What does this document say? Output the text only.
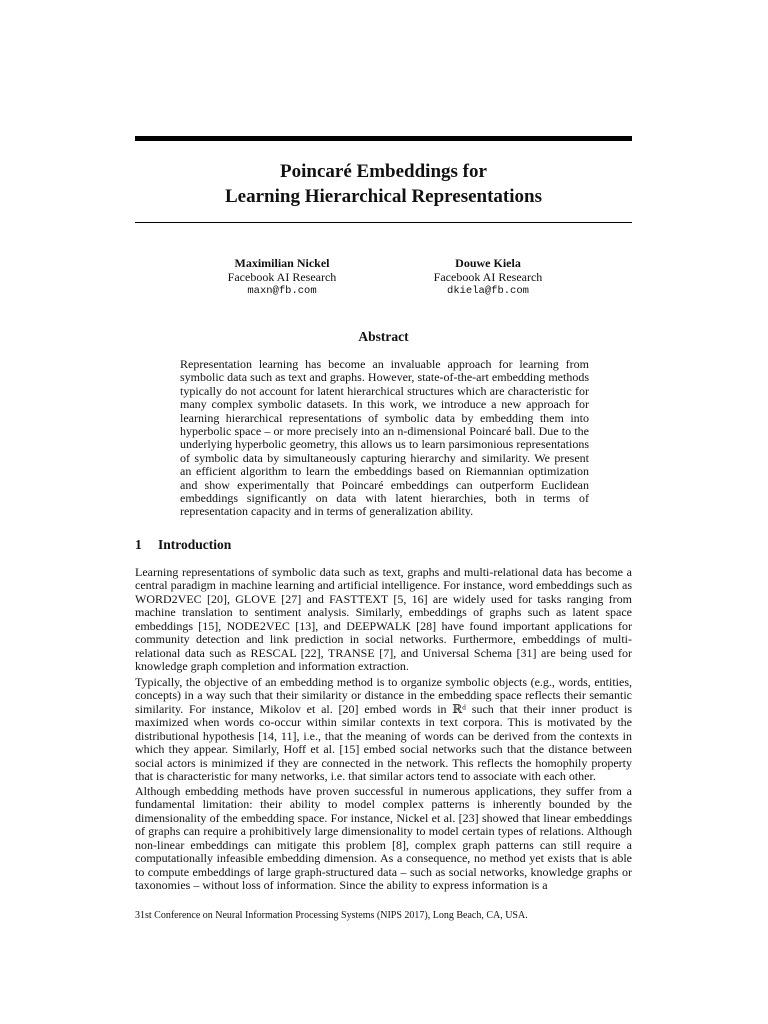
Poincaré Embeddings for
Learning Hierarchical Representations
Maximilian Nickel
Facebook AI Research
maxn@fb.com
Douwe Kiela
Facebook AI Research
dkiela@fb.com
Abstract
Representation learning has become an invaluable approach for learning from symbolic data such as text and graphs. However, state-of-the-art embedding methods typically do not account for latent hierarchical structures which are characteristic for many complex symbolic datasets. In this work, we introduce a new approach for learning hierarchical representations of symbolic data by embedding them into hyperbolic space – or more precisely into an n-dimensional Poincaré ball. Due to the underlying hyperbolic geometry, this allows us to learn parsimonious representations of symbolic data by simultaneously capturing hierarchy and similarity. We present an efficient algorithm to learn the embeddings based on Riemannian optimization and show experimentally that Poincaré embeddings can outperform Euclidean embeddings significantly on data with latent hierarchies, both in terms of representation capacity and in terms of generalization ability.
1 Introduction

Learning representations of symbolic data such as text, graphs and multi-relational data has become a central paradigm in machine learning and artificial intelligence. For instance, word embeddings such as WORD2VEC [20], GLOVE [27] and FASTTEXT [5, 16] are widely used for tasks ranging from machine translation to sentiment analysis. Similarly, embeddings of graphs such as latent space embeddings [15], NODE2VEC [13], and DEEPWALK [28] have found important applications for community detection and link prediction in social networks. Furthermore, embeddings of multi-relational data such as RESCAL [22], TRANSE [7], and Universal Schema [31] are being used for knowledge graph completion and information extraction.

Typically, the objective of an embedding method is to organize symbolic objects (e.g., words, entities, concepts) in a way such that their similarity or distance in the embedding space reflects their semantic similarity. For instance, Mikolov et al. [20] embed words in ℝᵈ such that their inner product is maximized when words co-occur within similar contexts in text corpora. This is motivated by the distributional hypothesis [14, 11], i.e., that the meaning of words can be derived from the contexts in which they appear. Similarly, Hoff et al. [15] embed social networks such that the distance between social actors is minimized if they are connected in the network. This reflects the homophily property that is characteristic for many networks, i.e. that similar actors tend to associate with each other.

Although embedding methods have proven successful in numerous applications, they suffer from a fundamental limitation: their ability to model complex patterns is inherently bounded by the dimensionality of the embedding space. For instance, Nickel et al. [23] showed that linear embeddings of graphs can require a prohibitively large dimensionality to model certain types of relations. Although non-linear embeddings can mitigate this problem [8], complex graph patterns can still require a computationally infeasible embedding dimension. As a consequence, no method yet exists that is able to compute embeddings of large graph-structured data – such as social networks, knowledge graphs or taxonomies – without loss of information. Since the ability to express information is a

31st Conference on Neural Information Processing Systems (NIPS 2017), Long Beach, CA, USA.
